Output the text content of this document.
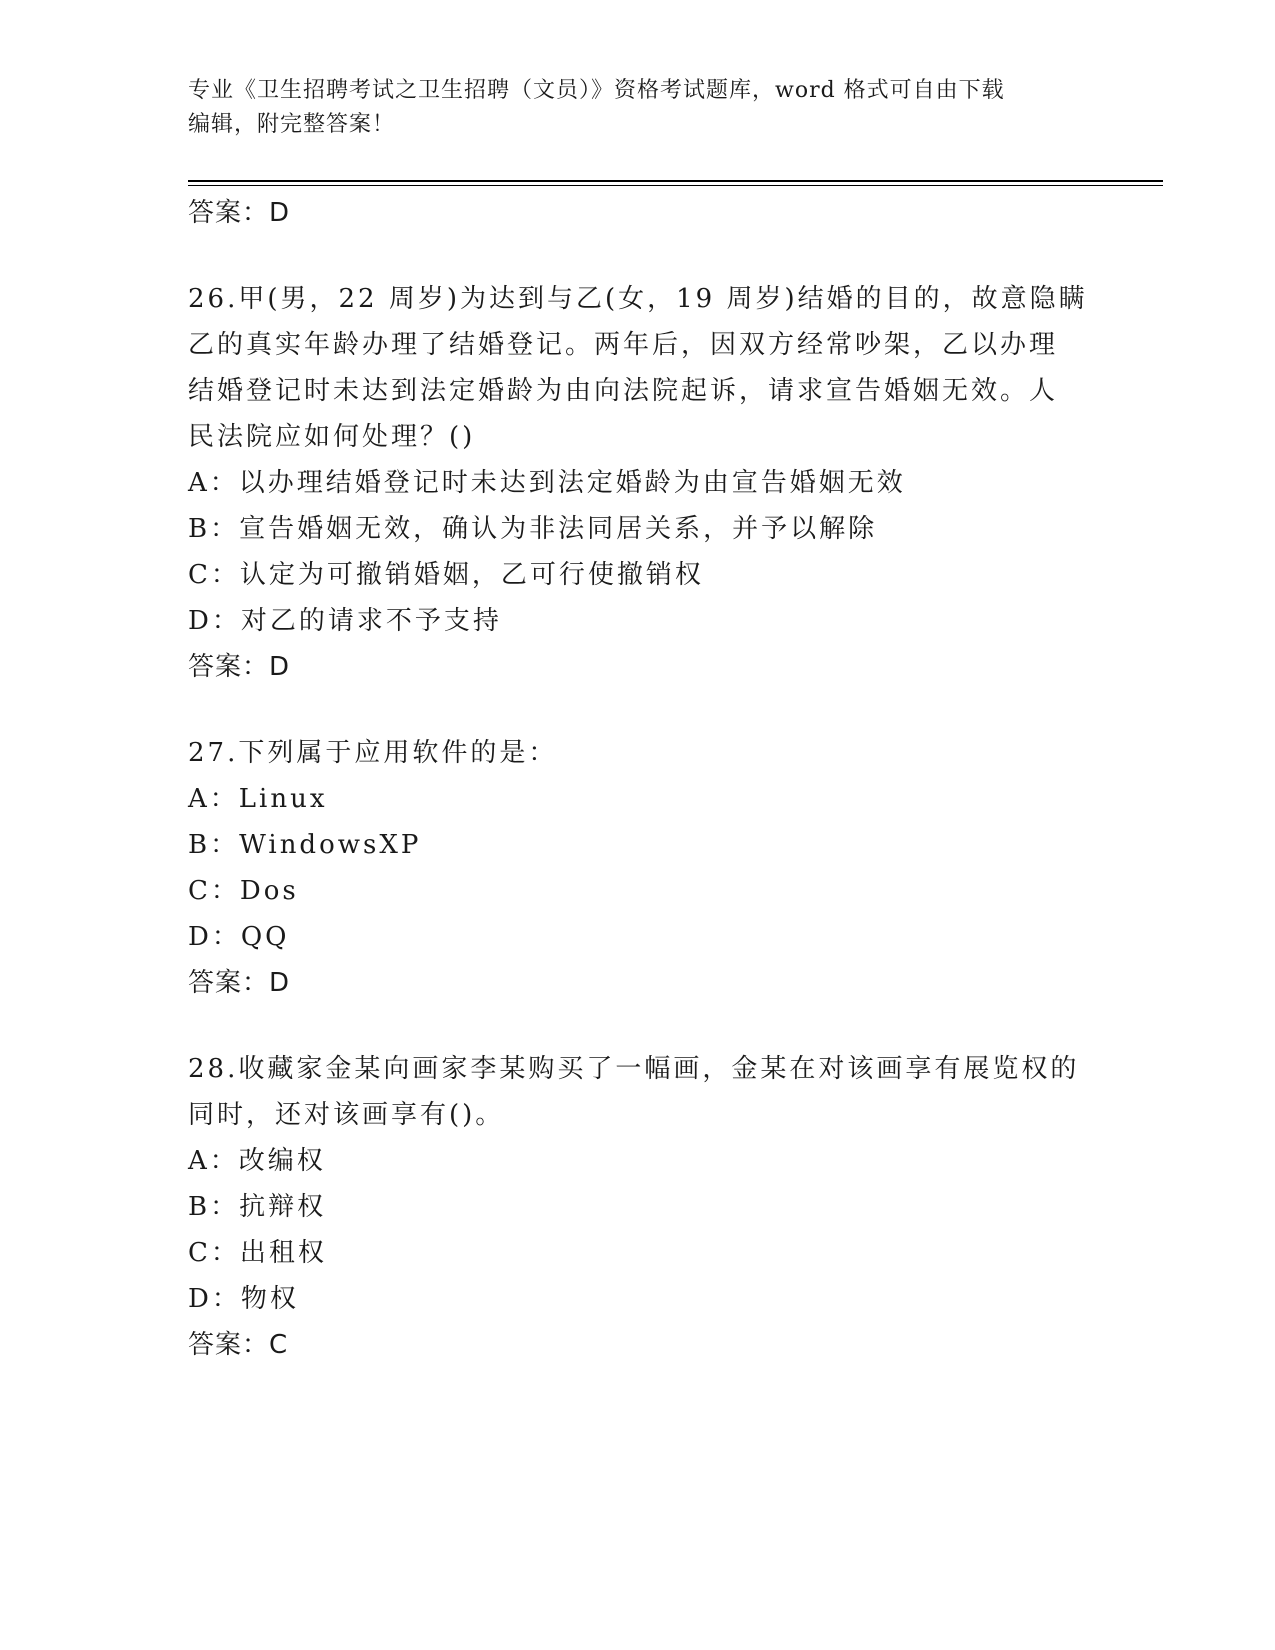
专业《卫生招聘考试之卫生招聘（文员）》资格考试题库，word 格式可自由下载
编辑，附完整答案！
答案：D
26.甲(男，22 周岁)为达到与乙(女，19 周岁)结婚的目的，故意隐瞒
乙的真实年龄办理了结婚登记。两年后，因双方经常吵架，乙以办理
结婚登记时未达到法定婚龄为由向法院起诉，请求宣告婚姻无效。人
民法院应如何处理？()
A：以办理结婚登记时未达到法定婚龄为由宣告婚姻无效
B：宣告婚姻无效，确认为非法同居关系，并予以解除
C：认定为可撤销婚姻，乙可行使撤销权
D：对乙的请求不予支持
答案：D
27.下列属于应用软件的是：
A：Linux
B：WindowsXP
C：Dos
D：QQ
答案：D
28.收藏家金某向画家李某购买了一幅画，金某在对该画享有展览权的
同时，还对该画享有()。
A：改编权
B：抗辩权
C：出租权
D：物权
答案：C
